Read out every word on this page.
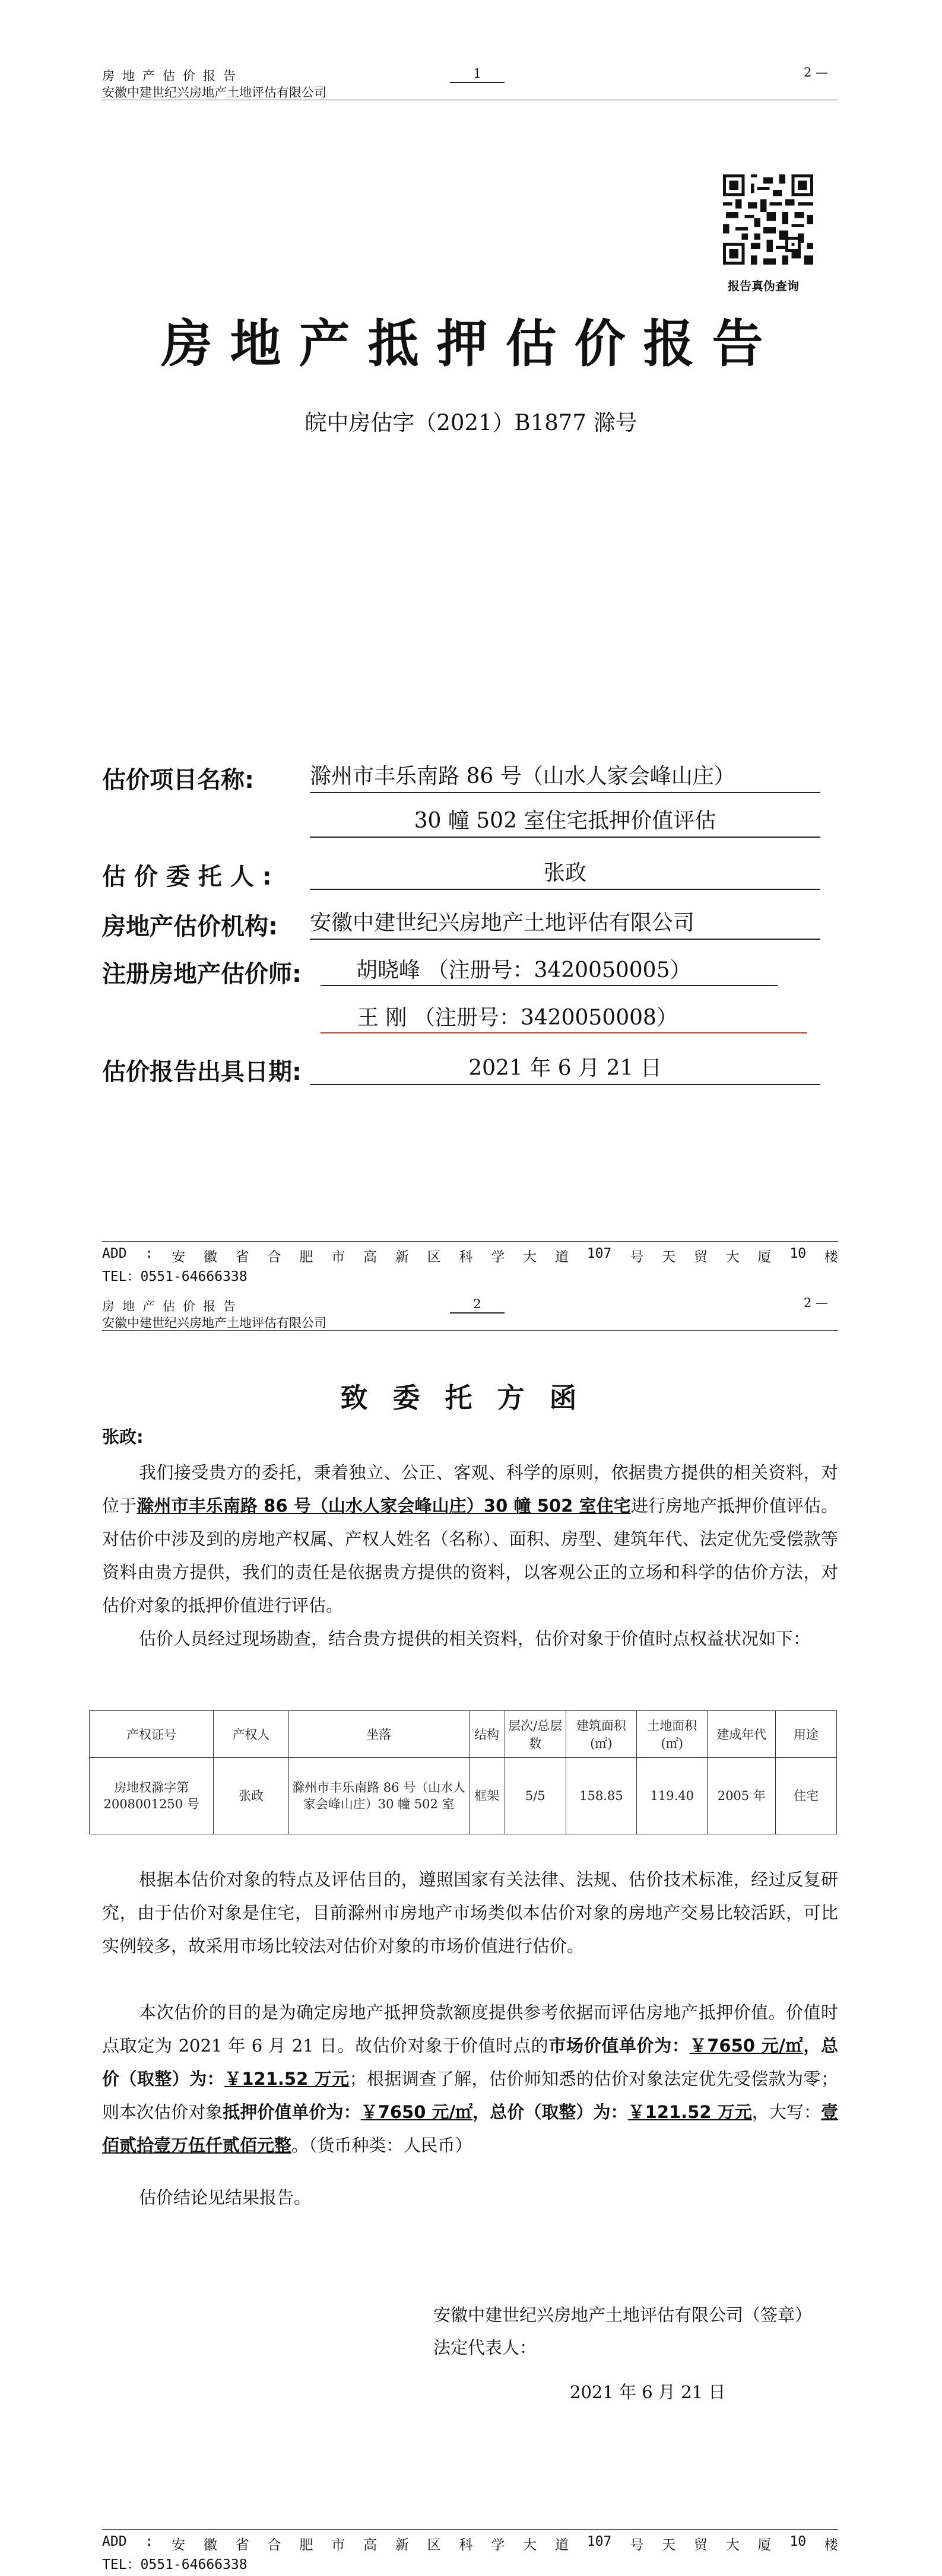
房地产估价报告
安徽中建世纪兴房地产土地评估有限公司
1	2 —
报告真伪查询
房地产抵押估价报告
皖中房估字（2021）B1877 滁号
估价项目名称:	滁州市丰乐南路 86 号（山水人家会峰山庄）
30 幢 502 室住宅抵押价值评估
估 价 委 托 人 :	张政
房地产估价机构: 安徽中建世纪兴房地产土地评估有限公司
注册房地产估价师:	胡晓峰 （注册号：3420050005）
王 刚 （注册号：3420050008）
估价报告出具日期:	2021 年 6 月 21 日
ADD : 安 徽 省 合 肥 市 高 新 区 科 学 大 道 107 号 天 贸 大 厦 10 楼
TEL：0551-64666338
房地产估价报告
安徽中建世纪兴房地产土地评估有限公司
2	2 —
致委托方函
张政:
我们接受贵方的委托，秉着独立、公正、客观、科学的原则，依据贵方提供的相关资料，对位于滁州市丰乐南路 86 号（山水人家会峰山庄）30 幢 502 室住宅进行房地产抵押价值评估。对估价中涉及到的房地产权属、产权人姓名（名称）、面积、房型、建筑年代、法定优先受偿款等资料由贵方提供，我们的责任是依据贵方提供的资料，以客观公正的立场和科学的估价方法，对估价对象的抵押价值进行评估。
估价人员经过现场勘查，结合贵方提供的相关资料，估价对象于价值时点权益状况如下：
产权证号	产权人	坐落	结构	层次/总层数	建筑面积(㎡)	土地面积(㎡)	建成年代	用途
房地权滁字第 2008001250 号	张政	滁州市丰乐南路 86 号（山水人家会峰山庄）30 幢 502 室	框架	5/5	158.85	119.40	2005 年	住宅
根据本估价对象的特点及评估目的，遵照国家有关法律、法规、估价技术标准，经过反复研究，由于估价对象是住宅，目前滁州市房地产市场类似本估价对象的房地产交易比较活跃，可比实例较多，故采用市场比较法对估价对象的市场价值进行估价。
本次估价的目的是为确定房地产抵押贷款额度提供参考依据而评估房地产抵押价值。价值时点取定为 2021 年 6 月 21 日。故估价对象于价值时点的市场价值单价为：￥7650 元/㎡，总价（取整）为：￥121.52 万元；根据调查了解，估价师知悉的估价对象法定优先受偿款为零；则本次估价对象抵押价值单价为：￥7650 元/㎡，总价（取整）为：￥121.52 万元，大写：壹佰贰拾壹万伍仟贰佰元整。（货币种类：人民币）
估价结论见结果报告。
安徽中建世纪兴房地产土地评估有限公司（签章）
法定代表人：
2021 年 6 月 21 日
ADD : 安 徽 省 合 肥 市 高 新 区 科 学 大 道 107 号 天 贸 大 厦 10 楼
TEL：0551-64666338
